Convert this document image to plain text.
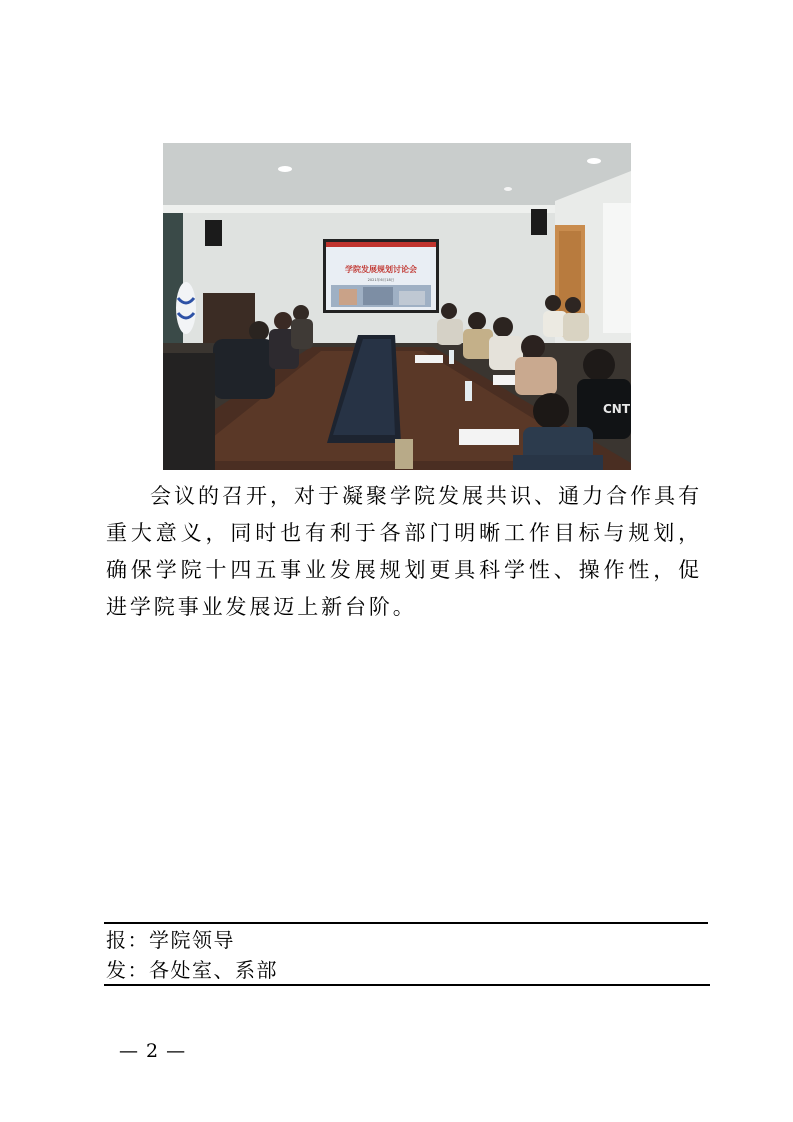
学院发展规划讨论会
2021年6月18日
CNT

会议的召开，对于凝聚学院发展共识、通力合作具有重大意义，同时也有利于各部门明晰工作目标与规划，确保学院十四五事业发展规划更具科学性、操作性，促进学院事业发展迈上新台阶。

报：学院领导
发：各处室、系部
— 2 —
